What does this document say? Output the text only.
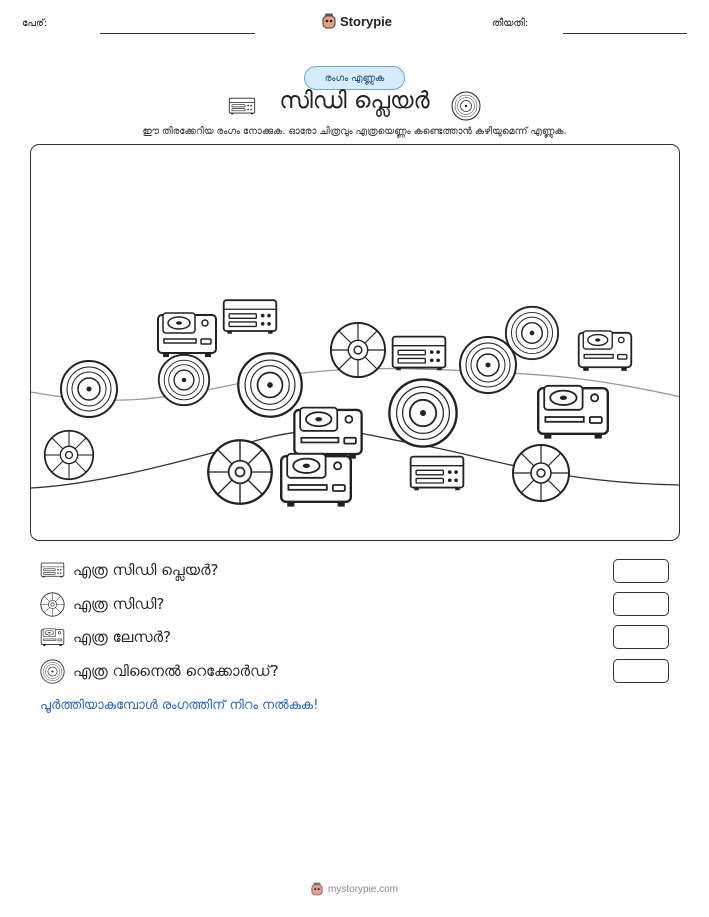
പേര്:	Storypie	തീയതി:
രംഗം എണ്ണുക
സിഡി പ്ലെയർ
ഈ തിരക്കേറിയ രംഗം നോക്കുക. ഓരോ ചിത്രവും എത്രയെണ്ണം കണ്ടെത്താൻ കഴിയുമെന്ന് എണ്ണുക.
എത്ര സിഡി പ്ലെയർ?
എത്ര സിഡി?
എത്ര ലേസർ?
എത്ര വിനൈൽ റെക്കോർഡ്?
പൂർത്തിയാകുമ്പോൾ രംഗത്തിന് നിറം നൽകുക!
mystorypie.com
